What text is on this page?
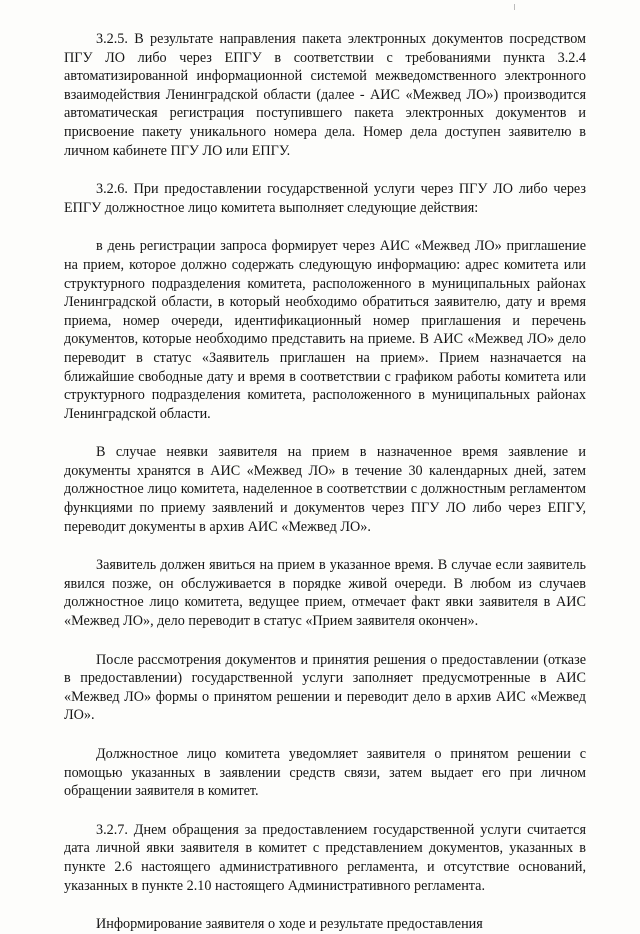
3.2.5. В результате направления пакета электронных документов посредством ПГУ ЛО либо через ЕПГУ в соответствии с требованиями пункта 3.2.4 автоматизированной информационной системой межведомственного электронного взаимодействия Ленинградской области (далее - АИС «Межвед ЛО») производится автоматическая регистрация поступившего пакета электронных документов и присвоение пакету уникального номера дела. Номер дела доступен заявителю в личном кабинете ПГУ ЛО или ЕПГУ.

3.2.6. При предоставлении государственной услуги через ПГУ ЛО либо через ЕПГУ должностное лицо комитета выполняет следующие действия:

в день регистрации запроса формирует через АИС «Межвед ЛО» приглашение на прием, которое должно содержать следующую информацию: адрес комитета или структурного подразделения комитета, расположенного в муниципальных районах Ленинградской области, в который необходимо обратиться заявителю, дату и время приема, номер очереди, идентификационный номер приглашения и перечень документов, которые необходимо представить на приеме. В АИС «Межвед ЛО» дело переводит в статус «Заявитель приглашен на прием». Прием назначается на ближайшие свободные дату и время в соответствии с графиком работы комитета или структурного подразделения комитета, расположенного в муниципальных районах Ленинградской области.

В случае неявки заявителя на прием в назначенное время заявление и документы хранятся в АИС «Межвед ЛО» в течение 30 календарных дней, затем должностное лицо комитета, наделенное в соответствии с должностным регламентом функциями по приему заявлений и документов через ПГУ ЛО либо через ЕПГУ, переводит документы в архив АИС «Межвед ЛО».

Заявитель должен явиться на прием в указанное время. В случае если заявитель явился позже, он обслуживается в порядке живой очереди. В любом из случаев должностное лицо комитета, ведущее прием, отмечает факт явки заявителя в АИС «Межвед ЛО», дело переводит в статус «Прием заявителя окончен».

После рассмотрения документов и принятия решения о предоставлении (отказе в предоставлении) государственной услуги заполняет предусмотренные в АИС «Межвед ЛО» формы о принятом решении и переводит дело в архив АИС «Межвед ЛО».

Должностное лицо комитета уведомляет заявителя о принятом решении с помощью указанных в заявлении средств связи, затем выдает его при личном обращении заявителя в комитет.

3.2.7. Днем обращения за предоставлением государственной услуги считается дата личной явки заявителя в комитет с представлением документов, указанных в пункте 2.6 настоящего административного регламента, и отсутствие оснований, указанных в пункте 2.10 настоящего Административного регламента.

Информирование заявителя о ходе и результате предоставления
